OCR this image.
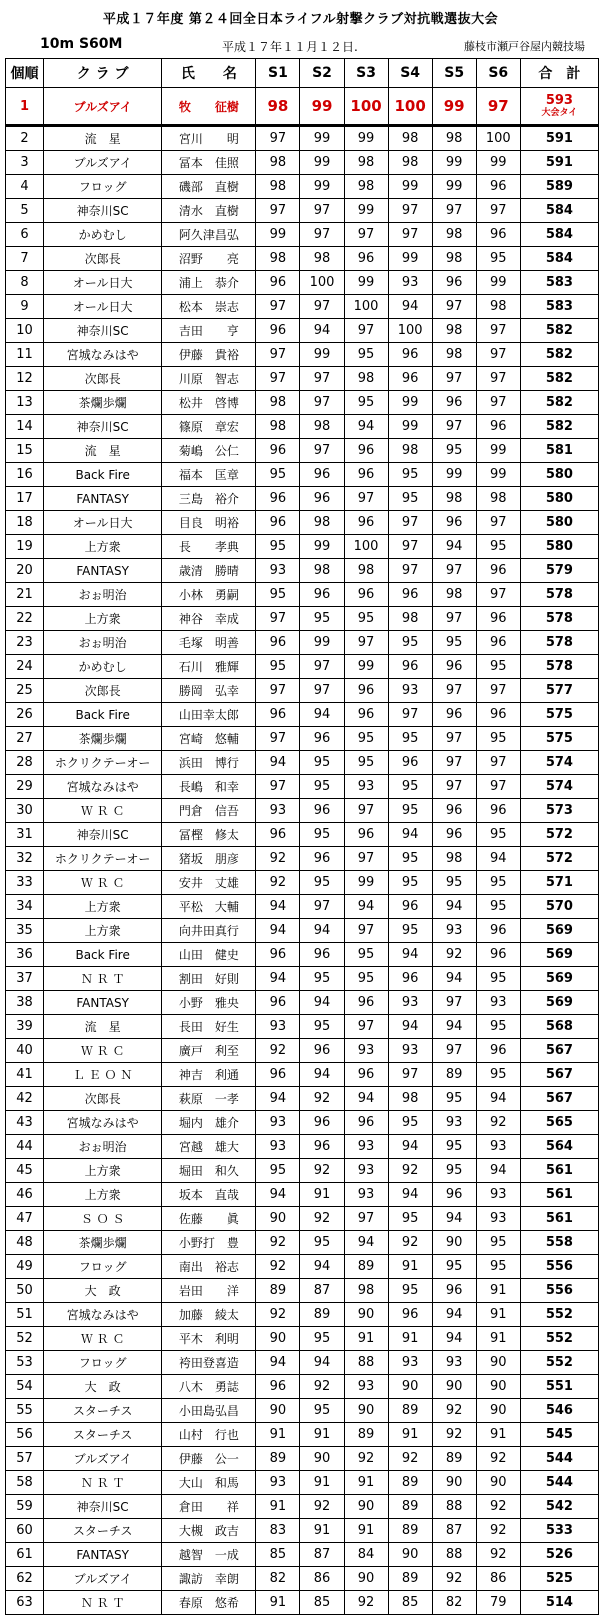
平成１７年度 第２４回全日本ライフル射撃クラブ対抗戦選抜大会
10m S60M	平成１７年１１月１２日.	藤枝市瀬戸谷屋内競技場
個順	ク ラ ブ	氏　　名	S1	S2	S3	S4	S5	S6	合　計
1	ブルズアイ	牧　　征樹	98	99	100	100	99	97	593
大会タイ

2	流　星	宮川　　明	97	99	99	98	98	100	591
3	ブルズアイ	冨本　佳照	98	99	98	98	99	99	591
4	フロッグ	磯部　直樹	98	99	98	99	99	96	589
5	神奈川SC	清水　直樹	97	97	99	97	97	97	584
6	かめむし	阿久津昌弘	99	97	97	97	98	96	584
7	次郎長	沼野　　亮	98	98	96	99	98	95	584
8	オール日大	浦上　恭介	96	100	99	93	96	99	583
9	オール日大	松本　崇志	97	97	100	94	97	98	583
10	神奈川SC	吉田　　亨	96	94	97	100	98	97	582
11	宮城なみはや	伊藤　貴裕	97	99	95	96	98	97	582
12	次郎長	川原　智志	97	97	98	96	97	97	582
13	茶爛歩爛	松井　啓博	98	97	95	99	96	97	582
14	神奈川SC	篠原　章宏	98	98	94	99	97	96	582
15	流　星	菊嶋　公仁	96	97	96	98	95	99	581
16	Back Fire	福本　匡章	95	96	96	95	99	99	580
17	FANTASY	三島　裕介	96	96	97	95	98	98	580
18	オール日大	目良　明裕	96	98	96	97	96	97	580
19	上方衆	長　　孝典	95	99	100	97	94	95	580
20	FANTASY	歳清　勝晴	93	98	98	97	97	96	579
21	おぉ明治	小林　勇嗣	95	96	96	96	98	97	578
22	上方衆	神谷　幸成	97	95	95	98	97	96	578
23	おぉ明治	毛塚　明善	96	99	97	95	95	96	578
24	かめむし	石川　雅輝	95	97	99	96	96	95	578
25	次郎長	勝岡　弘幸	97	97	96	93	97	97	577
26	Back Fire	山田幸太郎	96	94	96	97	96	96	575
27	茶爛歩爛	宮崎　悠輔	97	96	95	95	97	95	575
28	ホクリクテーオー	浜田　博行	94	95	95	96	97	97	574
29	宮城なみはや	長嶋　和幸	97	95	93	95	97	97	574
30	Ｗ Ｒ Ｃ	門倉　信吾	93	96	97	95	96	96	573
31	神奈川SC	冨樫　修太	96	95	96	94	96	95	572
32	ホクリクテーオー	猪坂　朋彦	92	96	97	95	98	94	572
33	Ｗ Ｒ Ｃ	安井　丈雄	92	95	99	95	95	95	571
34	上方衆	平松　大輔	94	97	94	96	94	95	570
35	上方衆	向井田真行	94	94	97	95	93	96	569
36	Back Fire	山田　健史	96	96	95	94	92	96	569
37	Ｎ Ｒ Ｔ	割田　好則	94	95	95	96	94	95	569
38	FANTASY	小野　雅央	96	94	96	93	97	93	569
39	流　星	長田　好生	93	95	97	94	94	95	568
40	Ｗ Ｒ Ｃ	廣戸　利至	92	96	93	93	97	96	567
41	Ｌ Ｅ Ｏ Ｎ	神吉　利通	96	94	96	97	89	95	567
42	次郎長	萩原　一孝	94	92	94	98	95	94	567
43	宮城なみはや	堀内　雄介	93	96	96	95	93	92	565
44	おぉ明治	宮越　雄大	93	96	93	94	95	93	564
45	上方衆	堀田　和久	95	92	93	92	95	94	561
46	上方衆	坂本　直哉	94	91	93	94	96	93	561
47	Ｓ Ｏ Ｓ	佐藤　　眞	90	92	97	95	94	93	561
48	茶爛歩爛	小野打　豊	92	95	94	92	90	95	558
49	フロッグ	南出　裕志	92	94	89	91	95	95	556
50	大　政	岩田　　洋	89	87	98	95	96	91	556
51	宮城なみはや	加藤　綾太	92	89	90	96	94	91	552
52	Ｗ Ｒ Ｃ	平木　利明	90	95	91	91	94	91	552
53	フロッグ	袴田登喜造	94	94	88	93	93	90	552
54	大　政	八木　勇誌	96	92	93	90	90	90	551
55	スターチス	小田島弘昌	90	95	90	89	92	90	546
56	スターチス	山村　行也	91	91	89	91	92	91	545
57	ブルズアイ	伊藤　公一	89	90	92	92	89	92	544
58	Ｎ Ｒ Ｔ	大山　和馬	93	91	91	89	90	90	544
59	神奈川SC	倉田　　祥	91	92	90	89	88	92	542
60	スターチス	大槻　政吉	83	91	91	89	87	92	533
61	FANTASY	越智　一成	85	87	84	90	88	92	526
62	ブルズアイ	諏訪　幸朗	82	86	90	89	92	86	525
63	Ｎ Ｒ Ｔ	春原　悠希	91	85	92	85	82	79	514
